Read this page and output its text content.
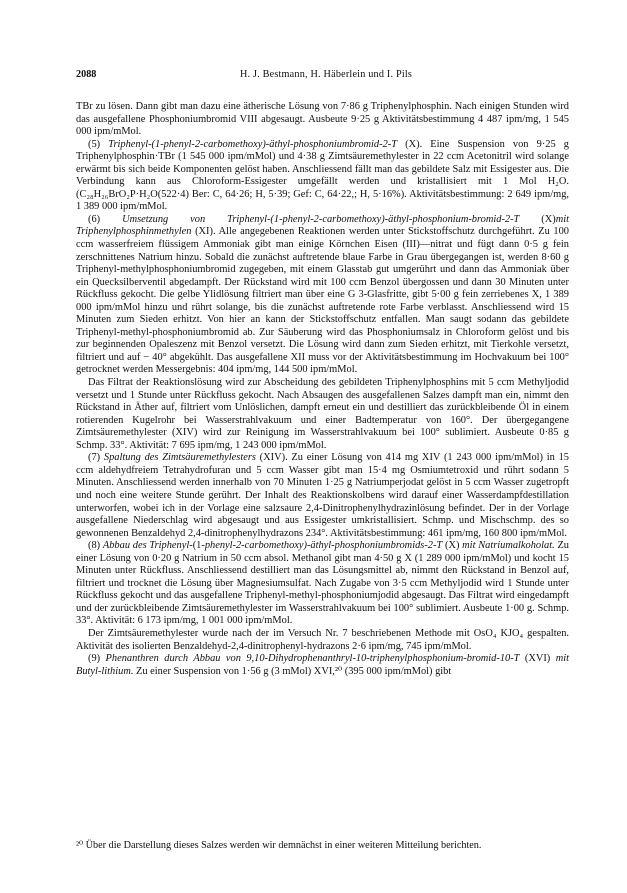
2088	H. J. Bestmann, H. Häberlein und I. Pils

TBr zu lösen. Dann gibt man dazu eine ätherische Lösung von 7·86 g Triphenylphosphin. Nach einigen Stunden wird das ausgefallene Phosphoniumbromid VIII abgesaugt. Ausbeute 9·25 g Aktivitätsbestimmung 4 487 ipm/mg, 1 545 000 ipm/mMol.

(5) Triphenyl-(1-phenyl-2-carbomethoxy)-äthyl-phosphoniumbromid-2-T (X). Eine Suspension von 9·25 g Triphenylphosphin·TBr (1 545 000 ipm/mMol) und 4·38 g Zimtsäuremethylester in 22 ccm Acetonitril wird solange erwärmt bis sich beide Komponenten gelöst haben. Anschliessend fällt man das gebildete Salz mit Essigester aus. Die Verbindung kann aus Chloroform-Essigester umgefällt werden und kristallisiert mit 1 Mol H₂O. (C₂₈H₂₆BrO₂P·H₂O(522·4) Ber: C, 64·26; H, 5·39; Gef: C, 64·22,; H, 5·16%). Aktivitätsbestimmung: 2 649 ipm/mg, 1 389 000 ipm/mMol.

(6) Umsetzung von Triphenyl-(1-phenyl-2-carbomethoxy)-äthyl-phosphonium-bromid-2-T (X)mit Triphenylphosphinmethylen (XI). Alle angegebenen Reaktionen werden unter Stickstoffschutz durchgeführt. Zu 100 ccm wasserfreiem flüssigem Ammoniak gibt man einige Körnchen Eisen (III)—nitrat und fügt dann 0·5 g fein zerschnittenes Natrium hinzu. Sobald die zunächst auftretende blaue Farbe in Grau übergegangen ist, werden 8·60 g Triphenyl-methylphosphoniumbromid zugegeben, mit einem Glasstab gut umgerührt und dann das Ammoniak über ein Quecksilberventil abgedampft. Der Rückstand wird mit 100 ccm Benzol übergossen und dann 30 Minuten unter Rückfluss gekocht. Die gelbe Ylidlösung filtriert man über eine G 3-Glasfritte, gibt 5·00 g fein zerriebenes X, 1 389 000 ipm/mMol hinzu und rührt solange, bis die zunächst auftretende rote Farbe verblasst. Anschliessend wird 15 Minuten zum Sieden erhitzt. Von hier an kann der Stickstoffschutz entfallen. Man saugt sodann das gebildete Triphenyl-methyl-phosphoniumbromid ab. Zur Säuberung wird das Phosphoniumsalz in Chloroform gelöst und bis zur beginnenden Opaleszenz mit Benzol versetzt. Die Lösung wird dann zum Sieden erhitzt, mit Tierkohle versetzt, filtriert und auf − 40° abgekühlt. Das ausgefallene XII muss vor der Aktivitätsbestimmung im Hochvakuum bei 100° getrocknet werden Messergebnis: 404 ipm/mg, 144 500 ipm/mMol.

Das Filtrat der Reaktionslösung wird zur Abscheidung des gebildeten Triphenylphosphins mit 5 ccm Methyljodid versetzt und 1 Stunde unter Rückfluss gekocht. Nach Absaugen des ausgefallenen Salzes dampft man ein, nimmt den Rückstand in Äther auf, filtriert vom Unlöslichen, dampft erneut ein und destilliert das zurückbleibende Öl in einem rotierenden Kugelrohr bei Wasserstrahlvakuum und einer Badtemperatur von 160°. Der übergegangene Zimtsäuremethylester (XIV) wird zur Reinigung im Wasserstrahlvakuum bei 100° sublimiert. Ausbeute 0·85 g Schmp. 33°. Aktivität: 7 695 ipm/mg, 1 243 000 ipm/mMol.

(7) Spaltung des Zimtsäuremethylesters (XIV). Zu einer Lösung von 414 mg XIV (1 243 000 ipm/mMol) in 15 ccm aldehydfreiem Tetrahydrofuran und 5 ccm Wasser gibt man 15·4 mg Osmiumtetroxid und rührt sodann 5 Minuten. Anschliessend werden innerhalb von 70 Minuten 1·25 g Natriumperjodat gelöst in 5 ccm Wasser zugetropft und noch eine weitere Stunde gerührt. Der Inhalt des Reaktionskolbens wird darauf einer Wasserdampfdestillation unterworfen, wobei ich in der Vorlage eine salzsaure 2,4-Dinitrophenylhydrazinlösung befindet. Der in der Vorlage ausgefallene Niederschlag wird abgesaugt und aus Essigester umkristallisiert. Schmp. und Mischschmp. des so gewonnenen Benzaldehyd 2,4-dinitrophenylhydrazons 234°. Aktivitätsbestimmung: 461 ipm/mg, 160 800 ipm/mMol.

(8) Abbau des Triphenyl-(1-phenyl-2-carbomethoxy)-äthyl-phosphoniumbromids-2-T (X) mit Natriumalkoholat. Zu einer Lösung von 0·20 g Natrium in 50 ccm absol. Methanol gibt man 4·50 g X (1 289 000 ipm/mMol) und kocht 15 Minuten unter Rückfluss. Anschliessend destilliert man das Lösungsmittel ab, nimmt den Rückstand in Benzol auf, filtriert und trocknet die Lösung über Magnesiumsulfat. Nach Zugabe von 3·5 ccm Methyljodid wird 1 Stunde unter Rückfluss gekocht und das ausgefallene Triphenyl-methyl-phosphoniumjodid abgesaugt. Das Filtrat wird eingedampft und der zurückbleibende Zimtsäuremethylester im Wasserstrahlvakuum bei 100° sublimiert. Ausbeute 1·00 g. Schmp. 33°. Aktivität: 6 173 ipm/mg, 1 001 000 ipm/mMol.

Der Zimtsäuremethylester wurde nach der im Versuch Nr. 7 beschriebenen Methode mit OsO₄ KJO₄ gespalten. Aktivität des isolierten Benzaldehyd-2,4-dinitrophenyl-hydrazons 2·6 ipm/mg, 745 ipm/mMol.

(9) Phenanthren durch Abbau von 9,10-Dihydrophenanthryl-10-triphenylphosphonium-bromid-10-T (XVI) mit Butyl-lithium. Zu einer Suspension von 1·56 g (3 mMol) XVI,²⁰ (395 000 ipm/mMol) gibt

²⁰ Über die Darstellung dieses Salzes werden wir demnächst in einer weiteren Mitteilung berichten.
